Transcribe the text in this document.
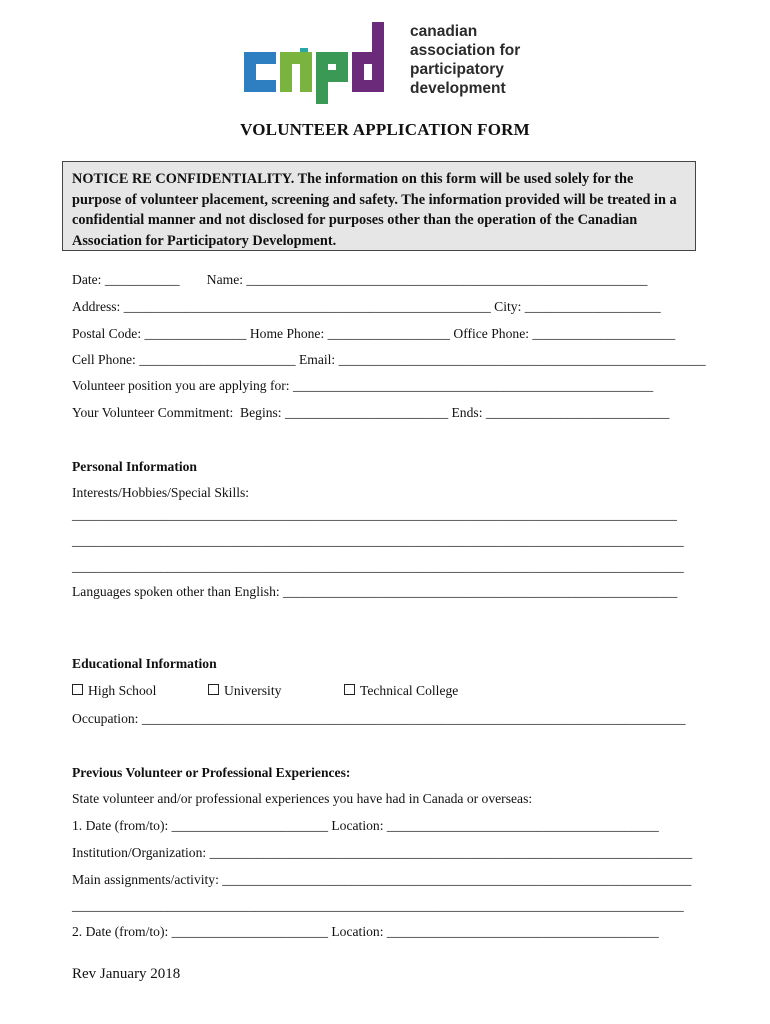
canadian
association for
participatory
development
VOLUNTEER APPLICATION FORM
NOTICE RE CONFIDENTIALITY. The information on this form will be used solely for the purpose of volunteer placement, screening and safety. The information provided will be treated in a confidential manner and not disclosed for purposes other than the operation of the Canadian Association for Participatory Development.
Date: ___________        Name: ___________________________________________________________
Address: ______________________________________________________ City: ____________________
Postal Code: _______________ Home Phone: __________________ Office Phone: _____________________
Cell Phone: _______________________ Email: ______________________________________________________
Volunteer position you are applying for: _____________________________________________________
Your Volunteer Commitment:  Begins: ________________________ Ends: ___________________________
Personal Information
Interests/Hobbies/Special Skills:
_________________________________________________________________________________________
__________________________________________________________________________________________
__________________________________________________________________________________________
Languages spoken other than English: __________________________________________________________
Educational Information
High School	University	Technical College
Occupation: ________________________________________________________________________________
Previous Volunteer or Professional Experiences:
State volunteer and/or professional experiences you have had in Canada or overseas:
1. Date (from/to): _______________________ Location: ________________________________________
Institution/Organization: _______________________________________________________________________
Main assignments/activity: _____________________________________________________________________
__________________________________________________________________________________________
2. Date (from/to): _______________________ Location: ________________________________________
Rev January 2018
